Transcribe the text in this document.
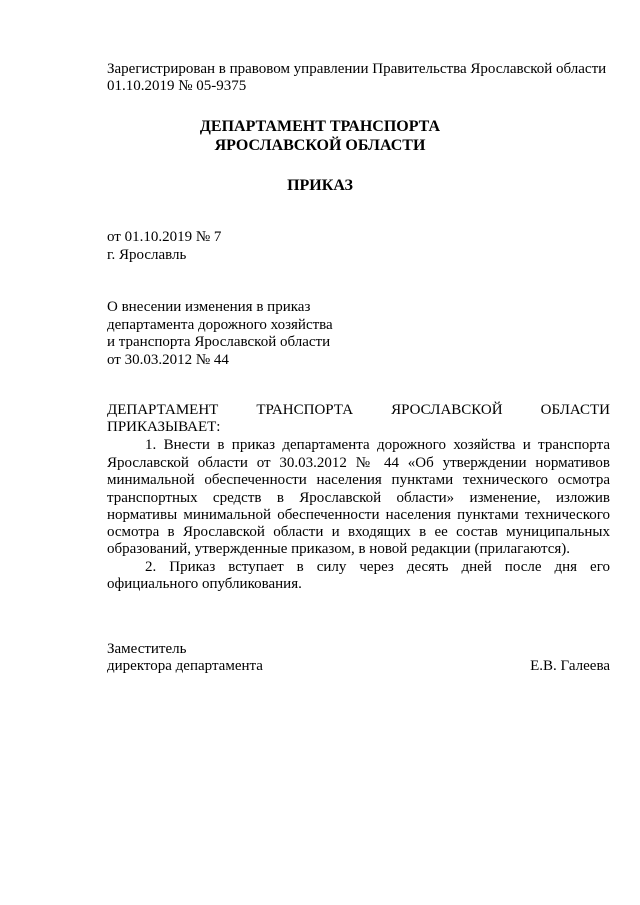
Зарегистрирован в правовом управлении Правительства Ярославской области
01.10.2019 № 05-9375
ДЕПАРТАМЕНТ ТРАНСПОРТА
ЯРОСЛАВСКОЙ ОБЛАСТИ
ПРИКАЗ
от 01.10.2019 № 7
г. Ярославль
О внесении изменения в приказ
департамента дорожного хозяйства
и транспорта Ярославской области
от 30.03.2012 № 44
ДЕПАРТАМЕНТ	ТРАНСПОРТА	ЯРОСЛАВСКОЙ	ОБЛАСТИ
ПРИКАЗЫВАЕТ:
1. Внести в приказ департамента дорожного хозяйства и транспорта
Ярославской области от 30.03.2012 № 44 «Об утверждении нормативов
минимальной обеспеченности населения пунктами технического осмотра
транспортных средств в Ярославской области» изменение, изложив
нормативы минимальной обеспеченности населения пунктами технического
осмотра в Ярославской области и входящих в ее состав муниципальных
образований, утвержденные приказом, в новой редакции (прилагаются).
2. Приказ вступает в силу через десять дней после дня его
официального опубликования.
Заместитель
директора департамента	Е.В. Галеева
